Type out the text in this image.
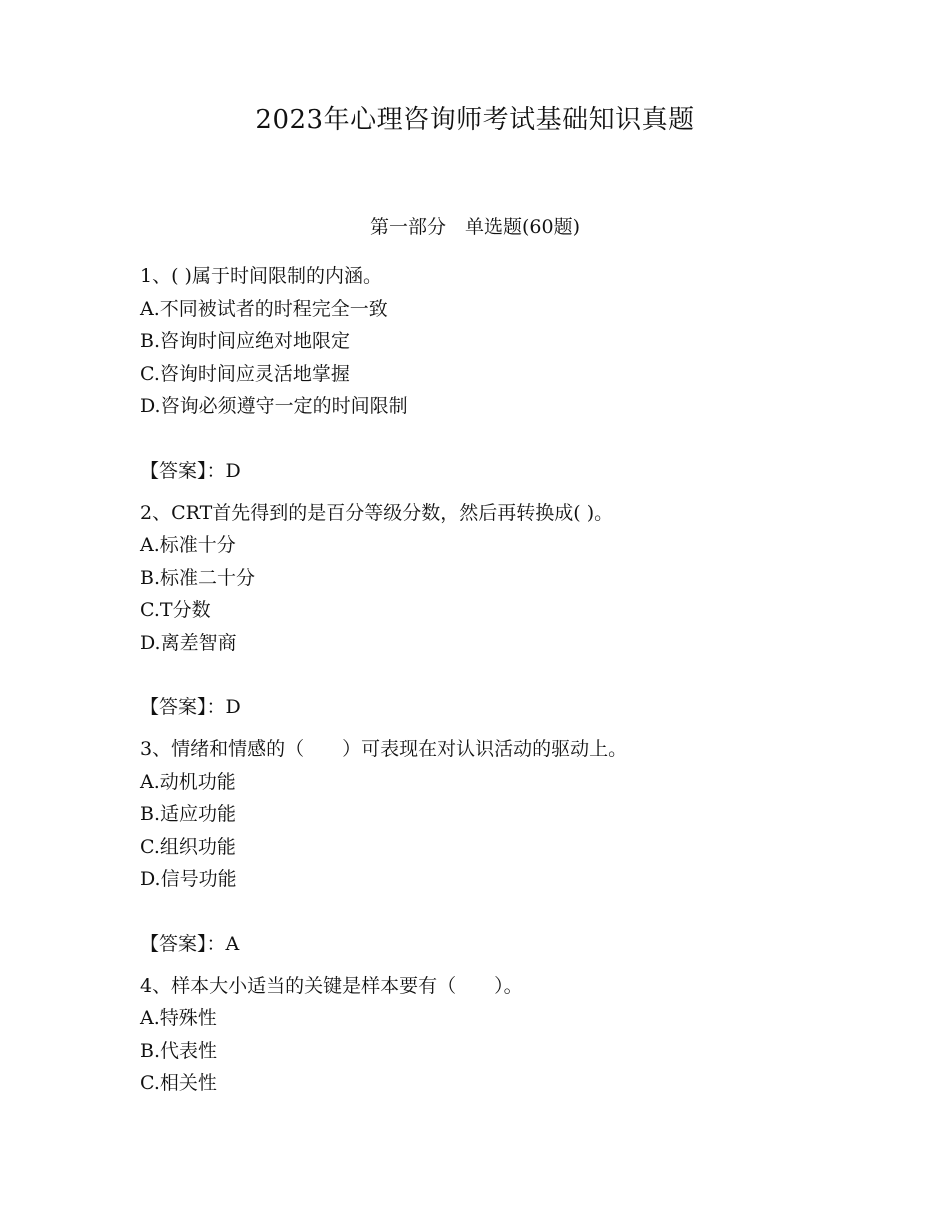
2023年心理咨询师考试基础知识真题
第一部分　单选题(60题)
1、( )属于时间限制的内涵。
A.不同被试者的时程完全一致
B.咨询时间应绝对地限定
C.咨询时间应灵活地掌握
D.咨询必须遵守一定的时间限制
【答案】：D
2、CRT首先得到的是百分等级分数，然后再转换成( )。
A.标准十分
B.标准二十分
C.T分数
D.离差智商
【答案】：D
3、情绪和情感的（　　）可表现在对认识活动的驱动上。
A.动机功能
B.适应功能
C.组织功能
D.信号功能
【答案】：A
4、样本大小适当的关键是样本要有（　　）。
A.特殊性
B.代表性
C.相关性
